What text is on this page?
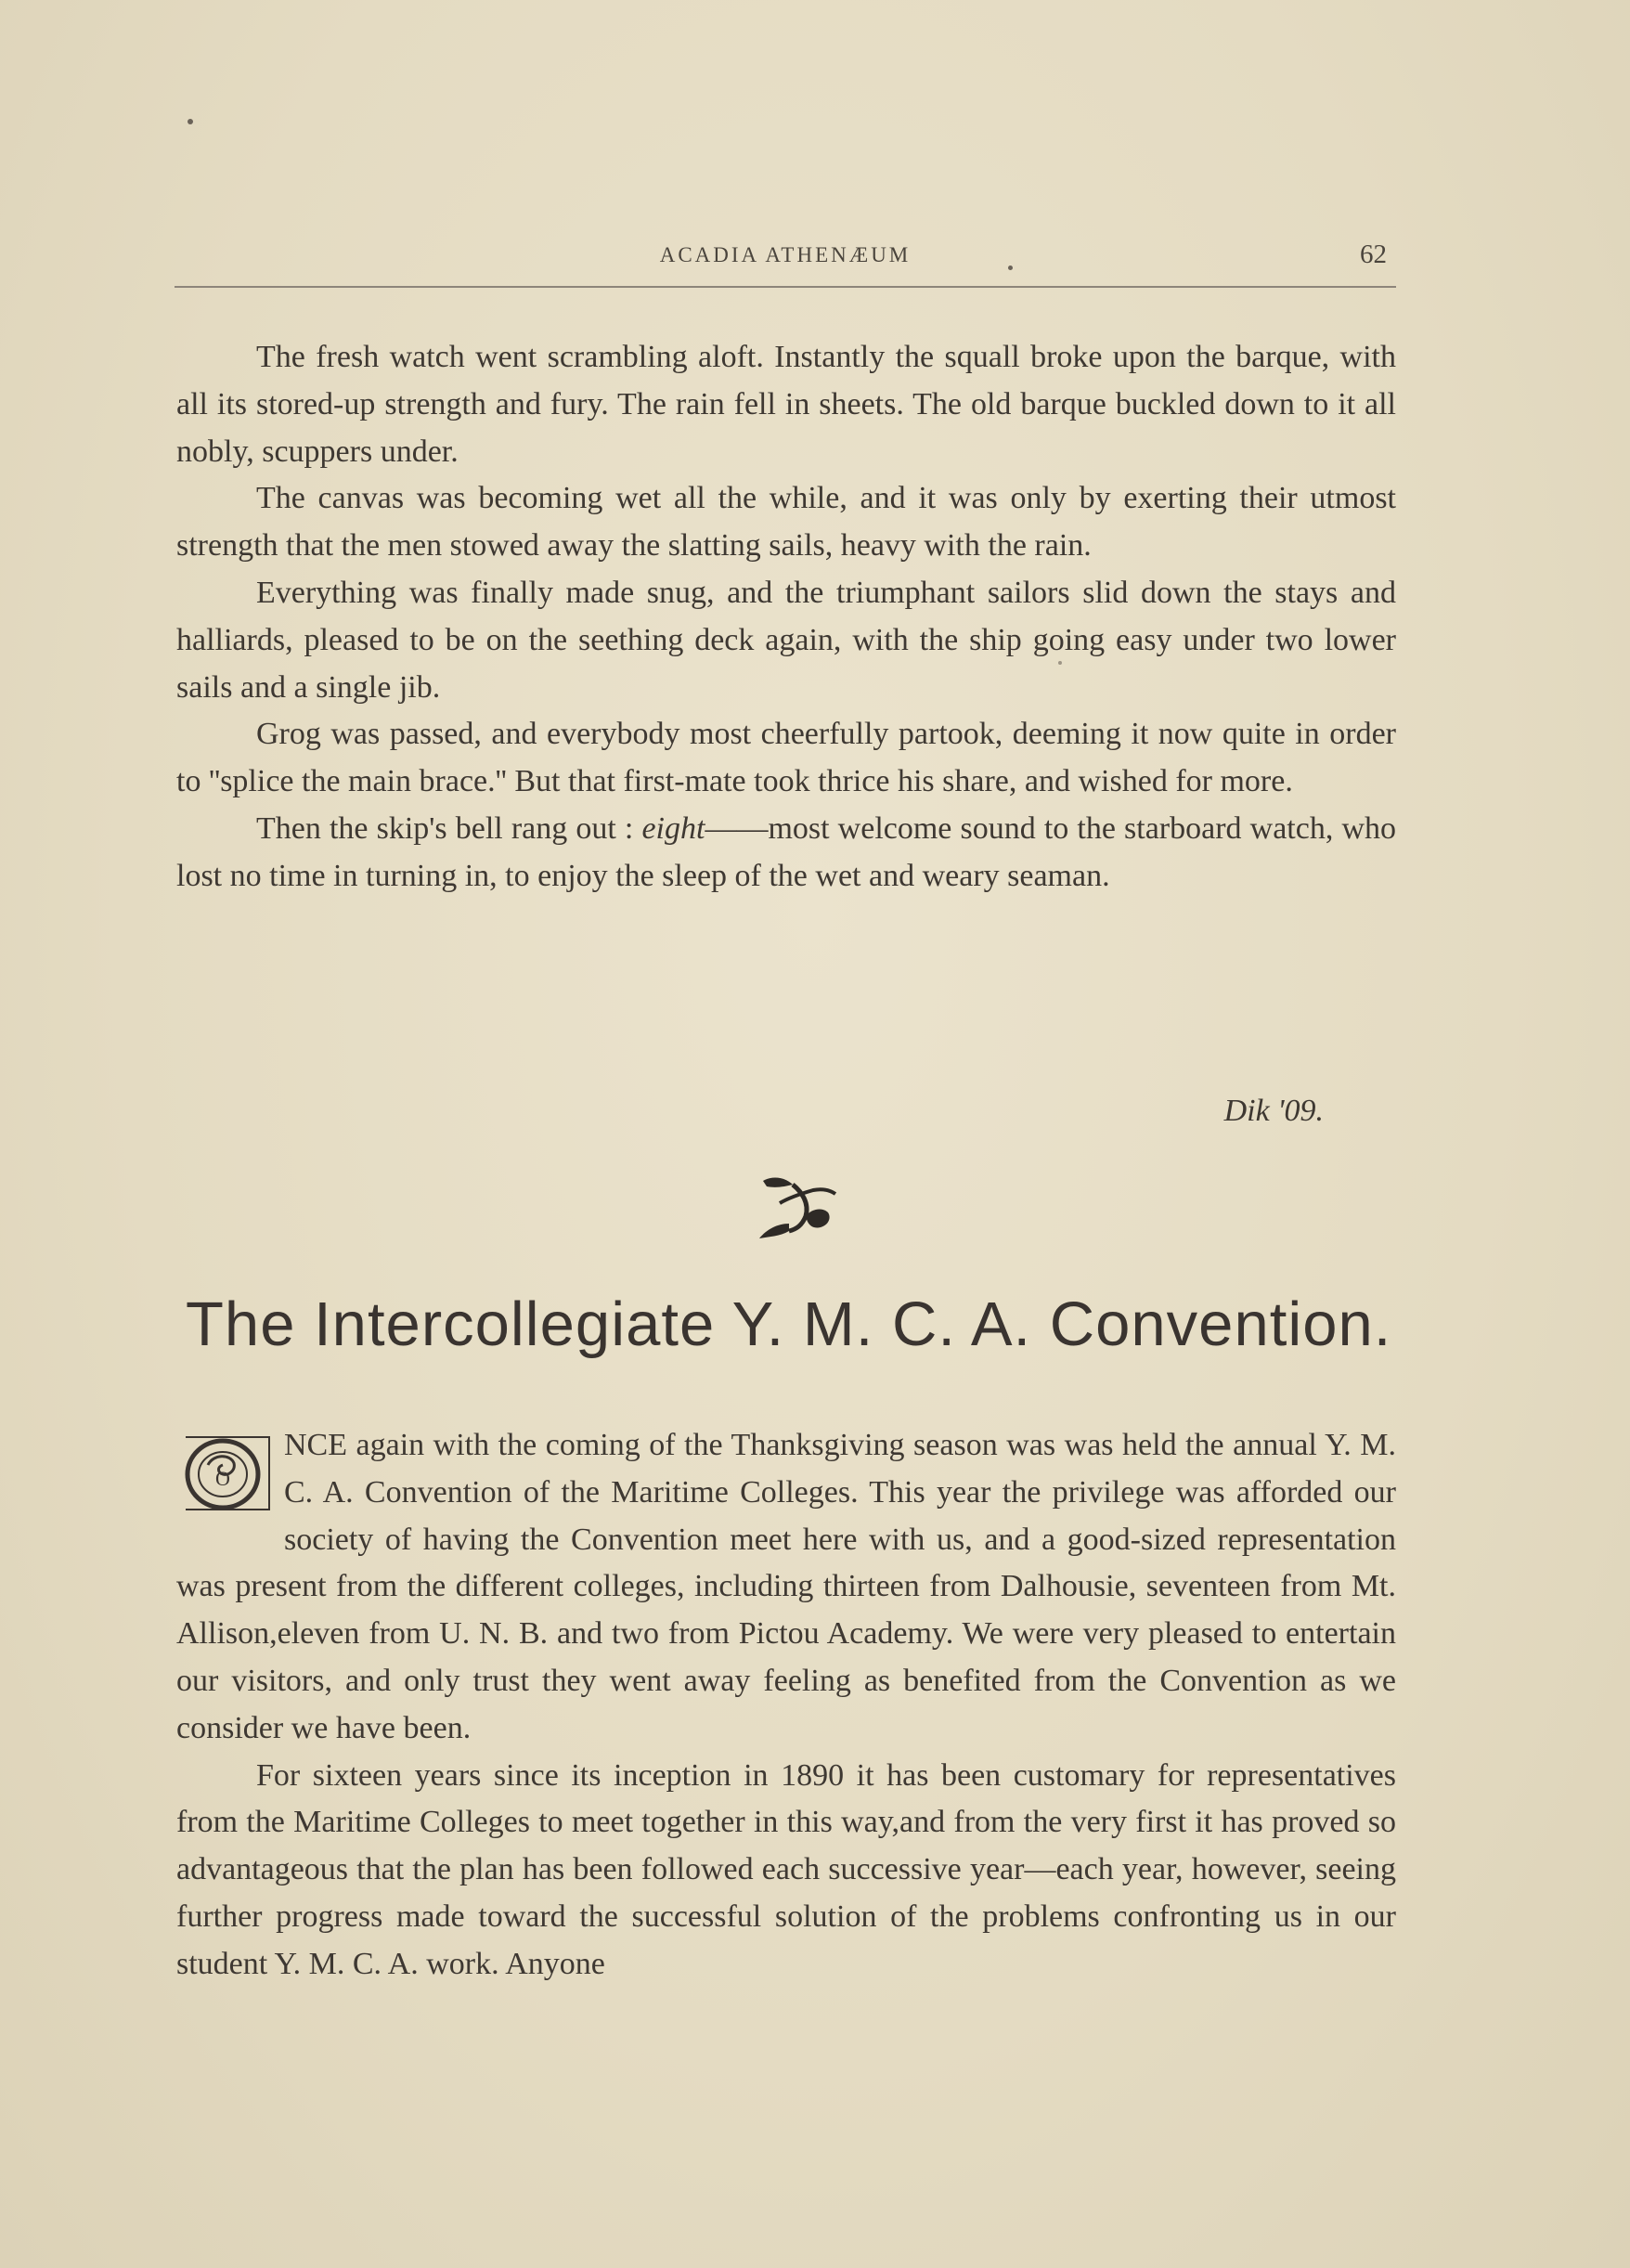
ACADIA ATHENÆUM	62

The fresh watch went scrambling aloft. Instantly the squall broke upon the barque, with all its stored-up strength and fury. The rain fell in sheets. The old barque buckled down to it all nobly, scuppers under.

The canvas was becoming wet all the while, and it was only by exerting their utmost strength that the men stowed away the slatting sails, heavy with the rain.

Everything was finally made snug, and the triumphant sailors slid down the stays and halliards, pleased to be on the seething deck again, with the ship going easy under two lower sails and a single jib.

Grog was passed, and everybody most cheerfully partook, deeming it now quite in order to ''splice the main brace.'' But that first-mate took thrice his share, and wished for more.

Then the skip's bell rang out : eight——most welcome sound to the starboard watch, who lost no time in turning in, to enjoy the sleep of the wet and weary seaman.

Dik '09.
The Intercollegiate Y. M. C. A. Convention.

O
NCE again with the coming of the Thanksgiving season was was held the annual Y. M. C. A. Convention of the Maritime Colleges. This year the privilege was afforded our society of having the Convention meet here with us, and a good-sized representation was present from the different colleges, including thirteen from Dalhousie, seventeen from Mt. Allison,eleven from U. N. B. and two from Pictou Academy. We were very pleased to entertain our visitors, and only trust they went away feeling as benefited from the Convention as we consider we have been.

For sixteen years since its inception in 1890 it has been customary for representatives from the Maritime Colleges to meet together in this way,and from the very first it has proved so advantageous that the plan has been followed each successive year—each year, however, seeing further progress made toward the successful solution of the problems confronting us in our student Y. M. C. A. work. Anyone
